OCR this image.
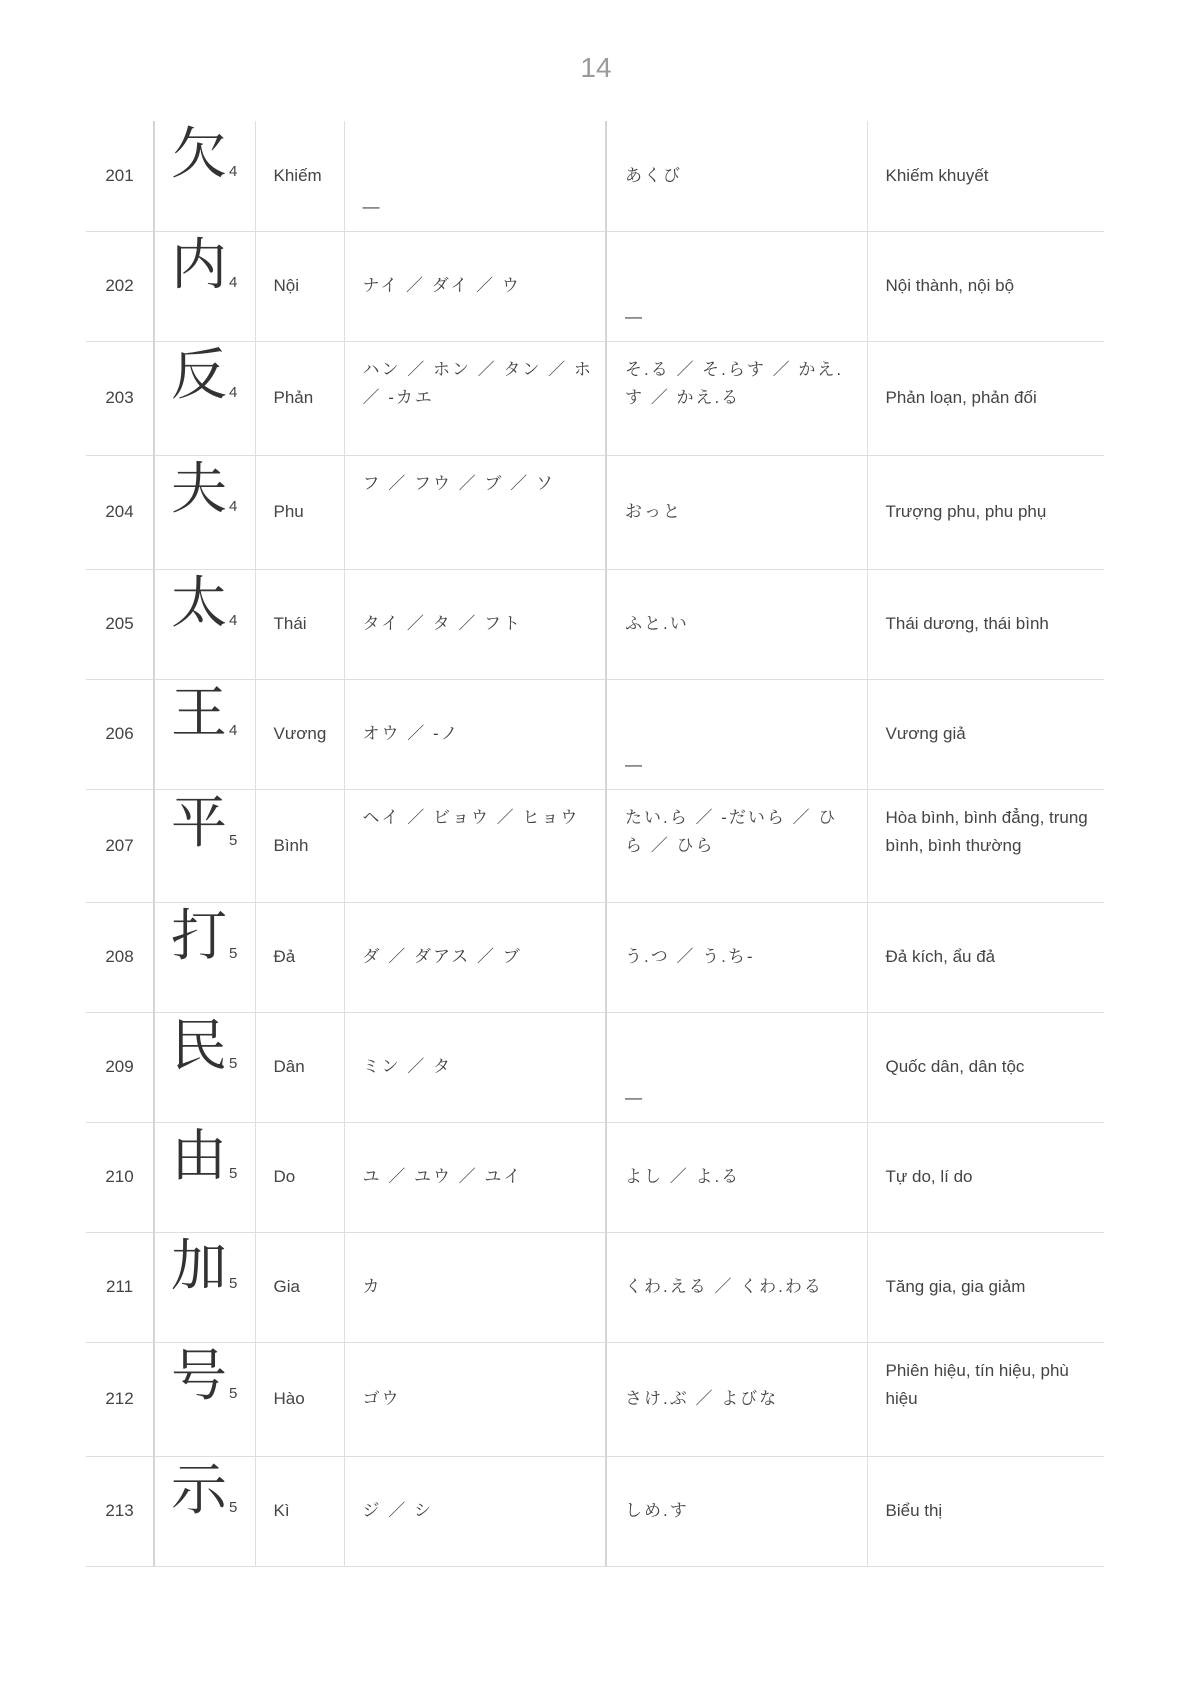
14
201	欠 4	Khiếm	—	あくび	Khiếm khuyết
202	内 4	Nội	ナイ ／ ダイ ／ ウ	—	Nội thành, nội bộ
203	反 4	Phản	ハン ／ ホン ／ タン ／ ホ ／ -カエ	そ.る ／ そ.らす ／ かえ.す ／ かえ.る	Phản loạn, phản đối
204	夫 4	Phu	フ ／ フウ ／ ブ ／ ソ	おっと	Trượng phu, phu phụ
205	太 4	Thái	タイ ／ タ ／ フト	ふと.い	Thái dương, thái bình
206	王 4	Vương	オウ ／ -ノ	—	Vương giả
207	平 5	Bình	ヘイ ／ ビョウ ／ ヒョウ	たい.ら ／ -だいら ／ ひら ／ ひら	Hòa bình, bình đẳng, trung bình, bình thường
208	打 5	Đả	ダ ／ ダアス ／ ブ	う.つ ／ う.ち-	Đả kích, ẩu đả
209	民 5	Dân	ミン ／ タ	—	Quốc dân, dân tộc
210	由 5	Do	ユ ／ ユウ ／ ユイ	よし ／ よ.る	Tự do, lí do
211	加 5	Gia	カ	くわ.える ／ くわ.わる	Tăng gia, gia giảm
212	号 5	Hào	ゴウ	さけ.ぶ ／ よびな	Phiên hiệu, tín hiệu, phù hiệu
213	示 5	Kì	ジ ／ シ	しめ.す	Biểu thị
